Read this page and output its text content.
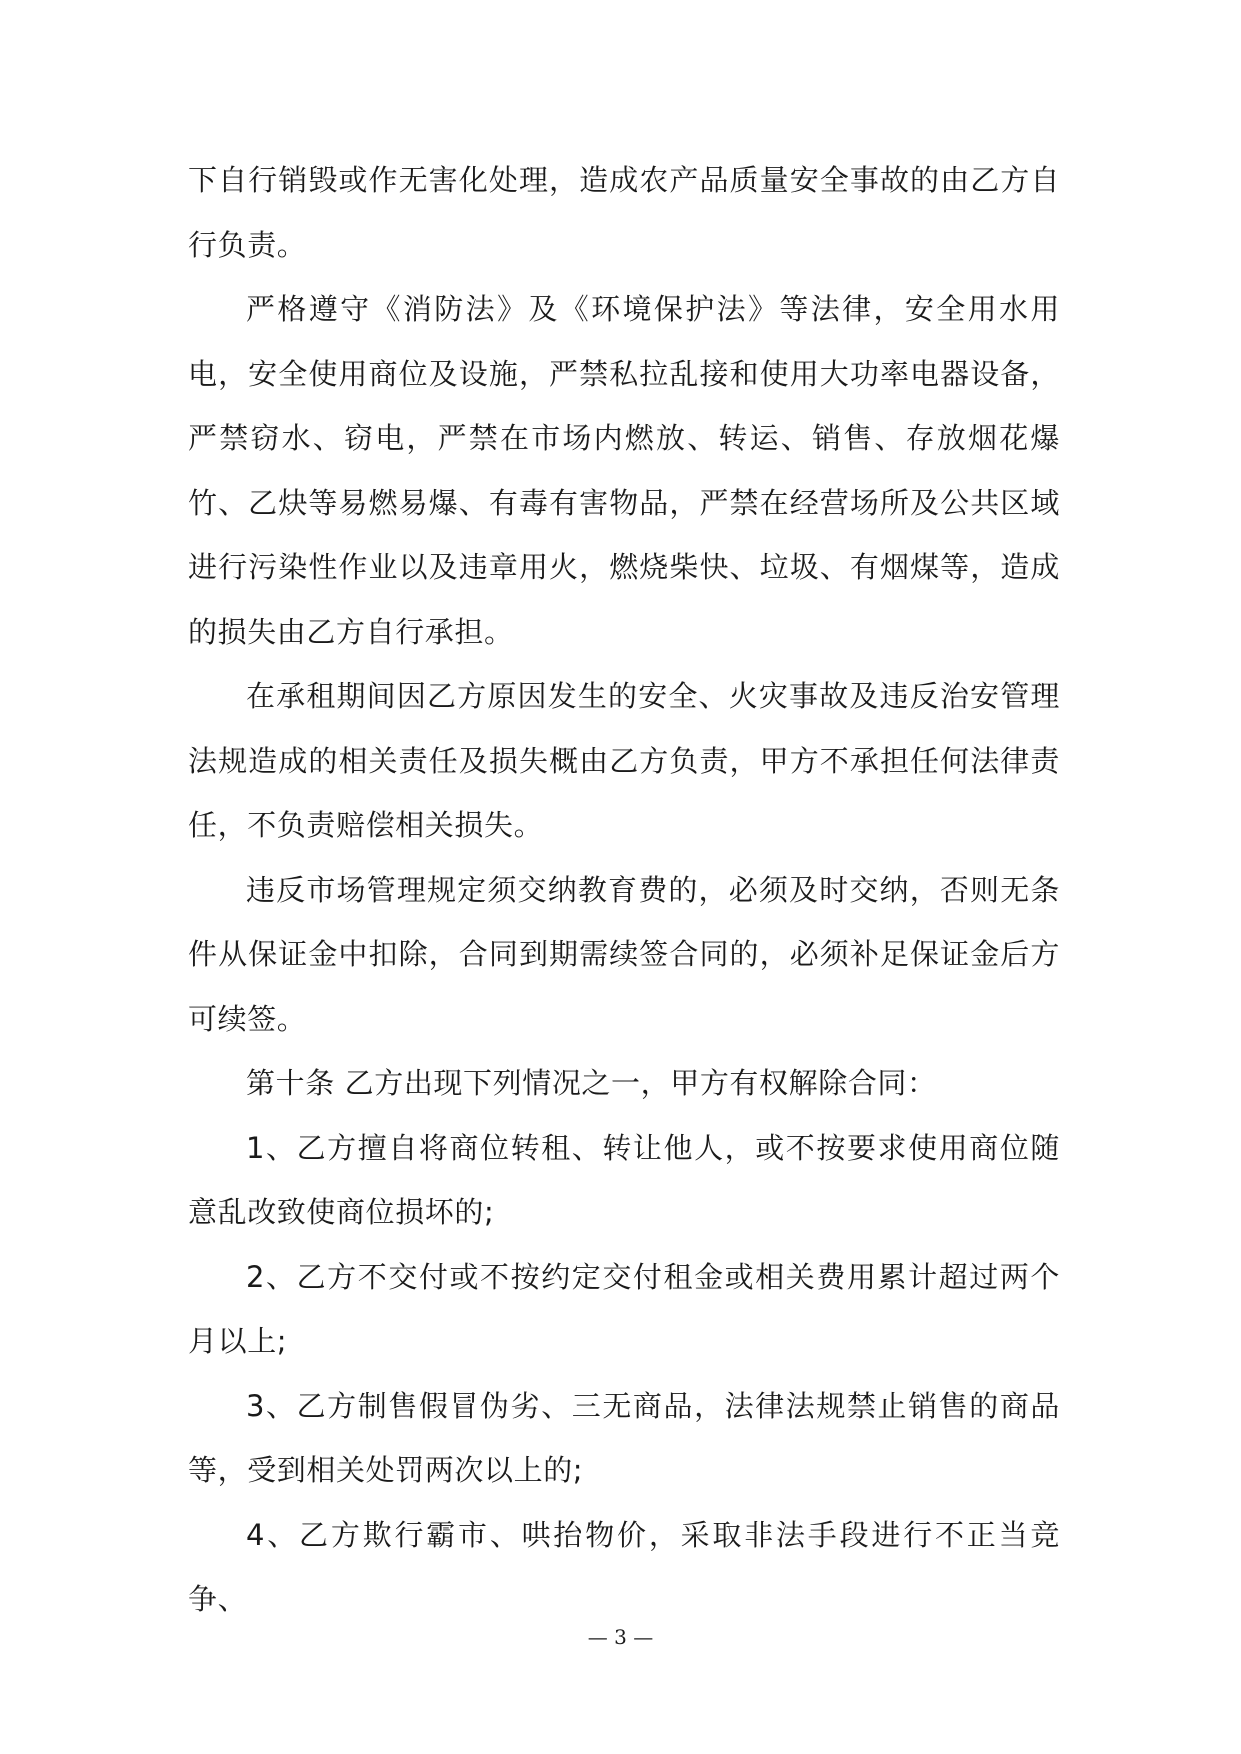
下自行销毁或作无害化处理，造成农产品质量安全事故的由乙方自行负责。

严格遵守《消防法》及《环境保护法》等法律，安全用水用电，安全使用商位及设施，严禁私拉乱接和使用大功率电器设备，严禁窃水、窃电，严禁在市场内燃放、转运、销售、存放烟花爆竹、乙炔等易燃易爆、有毒有害物品，严禁在经营场所及公共区域进行污染性作业以及违章用火，燃烧柴快、垃圾、有烟煤等，造成的损失由乙方自行承担。

在承租期间因乙方原因发生的安全、火灾事故及违反治安管理法规造成的相关责任及损失概由乙方负责，甲方不承担任何法律责任，不负责赔偿相关损失。

违反市场管理规定须交纳教育费的，必须及时交纳，否则无条件从保证金中扣除，合同到期需续签合同的，必须补足保证金后方可续签。

第十条 乙方出现下列情况之一，甲方有权解除合同：

1、乙方擅自将商位转租、转让他人，或不按要求使用商位随意乱改致使商位损坏的;

2、乙方不交付或不按约定交付租金或相关费用累计超过两个月以上;

3、乙方制售假冒伪劣、三无商品，法律法规禁止销售的商品等，受到相关处罚两次以上的;

4、乙方欺行霸市、哄抬物价，采取非法手段进行不正当竞争、

— 3 —
